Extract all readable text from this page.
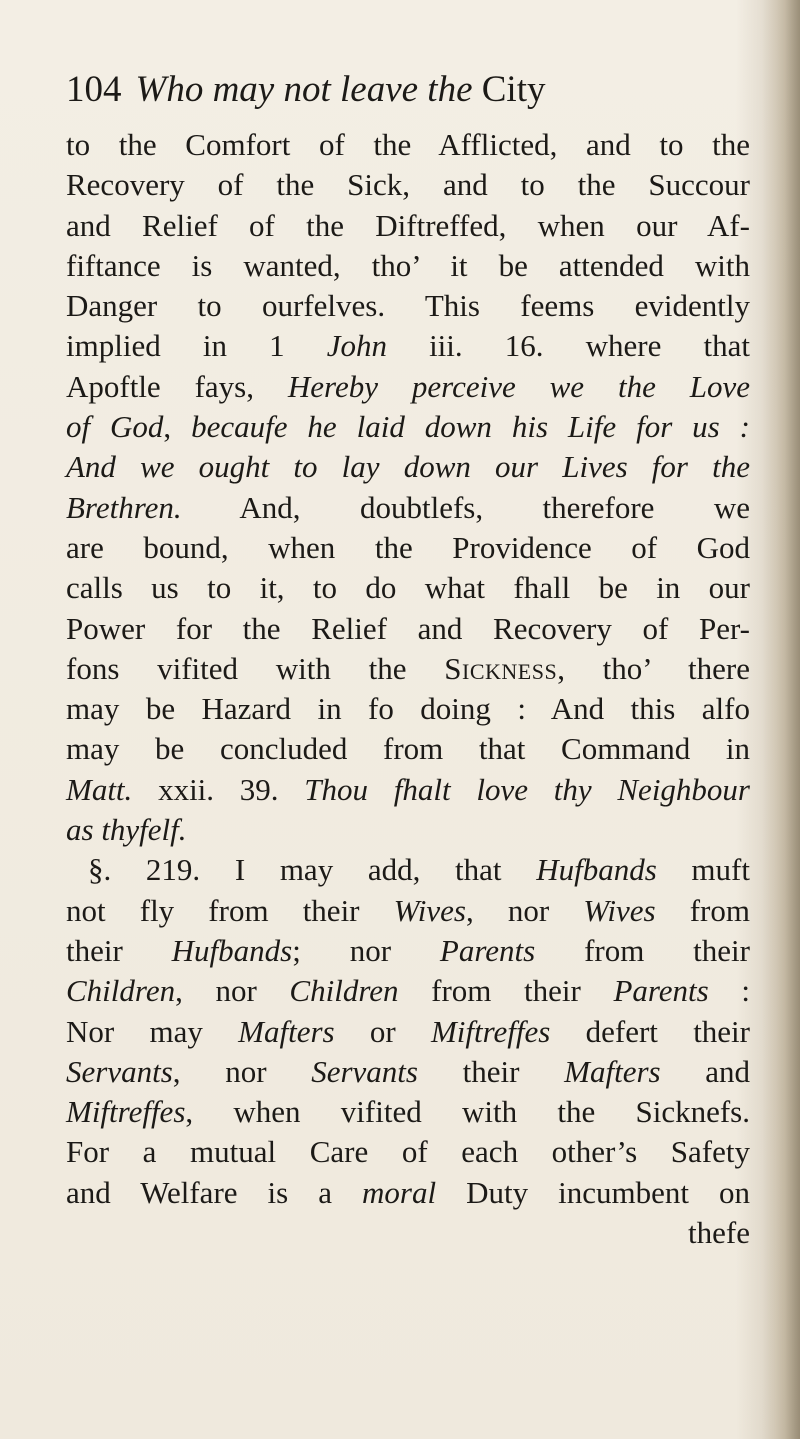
104 Who may not leave the City
to the Comfort of the Afflicted, and to the
Recovery of the Sick, and to the Succour
and Relief of the Diftreffed, when our Af-
fiftance is wanted, tho’ it be attended with
Danger to ourfelves. This feems evidently
implied in 1 John iii. 16. where that
Apoftle fays, Hereby perceive we the Love
of God, becaufe he laid down his Life for us :
And we ought to lay down our Lives for the
Brethren. And, doubtlefs, therefore we
are bound, when the Providence of God
calls us to it, to do what fhall be in our
Power for the Relief and Recovery of Per-
fons vifited with the Sickness, tho’ there
may be Hazard in fo doing : And this alfo
may be concluded from that Command in
Matt. xxii. 39. Thou fhalt love thy Neighbour
as thyfelf.
§. 219. I may add, that Hufbands muft
not fly from their Wives, nor Wives from
their Hufbands; nor Parents from their
Children, nor Children from their Parents :
Nor may Mafters or Miftreffes defert their
Servants, nor Servants their Mafters and
Miftreffes, when vifited with the Sicknefs.
For a mutual Care of each other’s Safety
and Welfare is a moral Duty incumbent on
thefe
